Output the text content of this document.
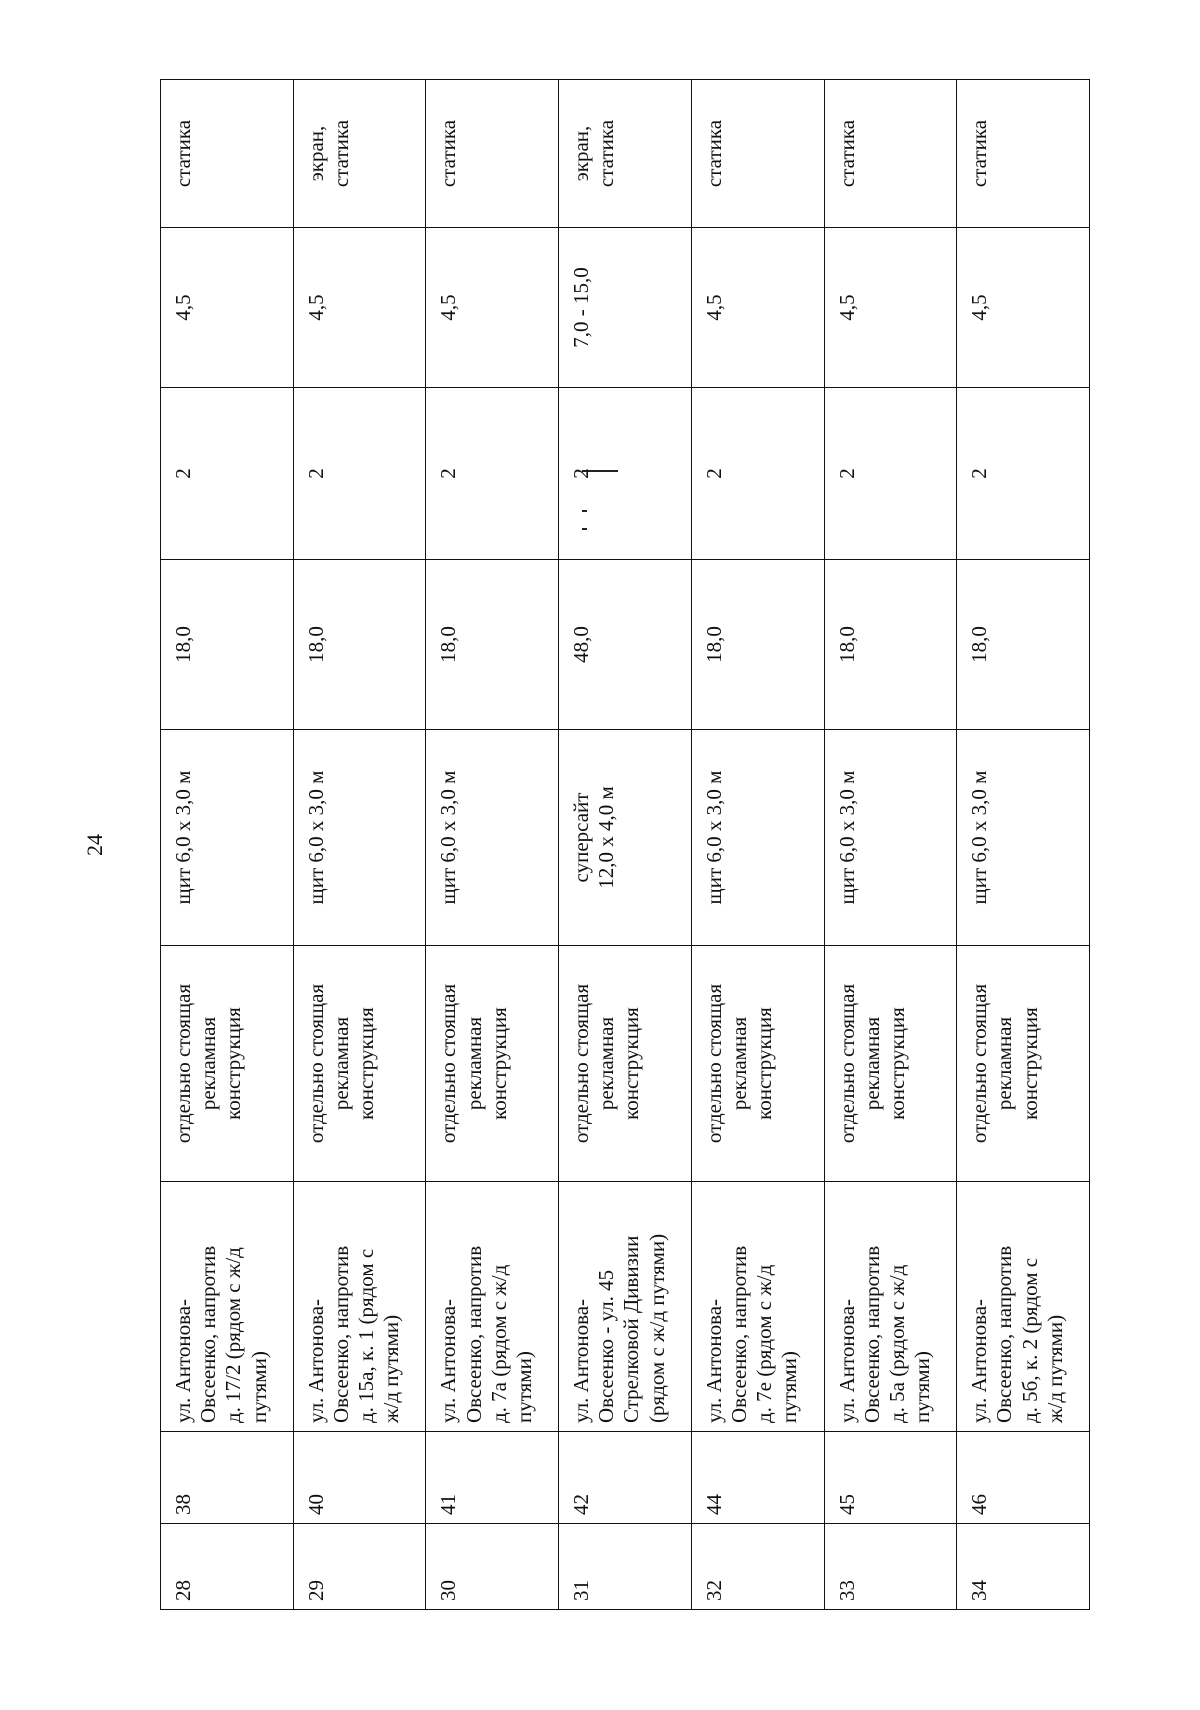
24
28	38	ул. Антонова- Овсеенко, напротив д. 17/2 (рядом с ж/д путями)	отдельно стоящая рекламная конструкция	щит 6,0 х 3,0 м	18,0	2	4,5	статика

29	40	ул. Антонова- Овсеенко, напротив д. 15а, к. 1 (рядом с ж/д путями)	отдельно стоящая рекламная конструкция	щит 6,0 х 3,0 м	18,0	2	4,5	экран, статика

30	41	ул. Антонова- Овсеенко, напротив д. 7а (рядом с ж/д путями)	отдельно стоящая рекламная конструкция	щит 6,0 х 3,0 м	18,0	2	4,5	статика

31	42	ул. Антонова- Овсеенко - ул. 45 Стрелковой Дивизии (рядом с ж/д путями)	отдельно стоящая рекламная конструкция	суперсайт 12,0 х 4,0 м	48,0	2	7,0 - 15,0	экран, статика

32	44	ул. Антонова- Овсеенко, напротив д. 7е (рядом с ж/д путями)	отдельно стоящая рекламная конструкция	щит 6,0 х 3,0 м	18,0	2	4,5	статика

33	45	ул. Антонова- Овсеенко, напротив д. 5а (рядом с ж/д путями)	отдельно стоящая рекламная конструкция	щит 6,0 х 3,0 м	18,0	2	4,5	статика

34	46	ул. Антонова- Овсеенко, напротив д. 5б, к. 2 (рядом с ж/д путями)	отдельно стоящая рекламная конструкция	щит 6,0 х 3,0 м	18,0	2	4,5	статика
